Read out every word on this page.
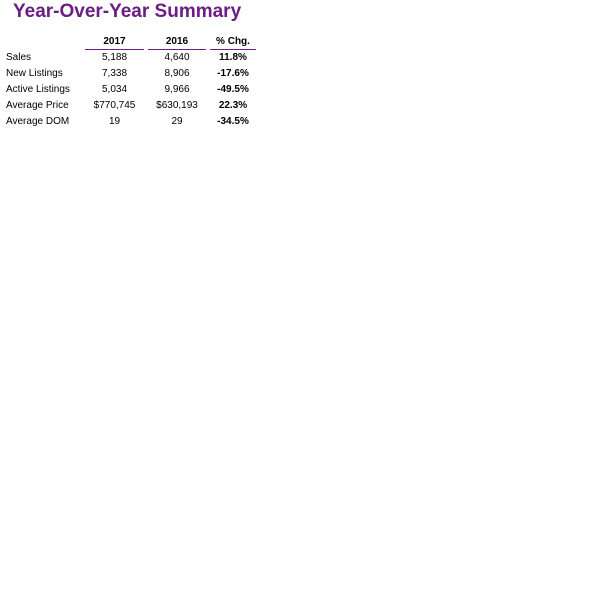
Year-Over-Year Summary
	2017		2016		% Chg.
Sales	5,188		4,640		11.8%
New Listings	7,338		8,906		-17.6%
Active Listings	5,034		9,966		-49.5%
Average Price	$770,745		$630,193		22.3%
Average DOM	19		29		-34.5%
